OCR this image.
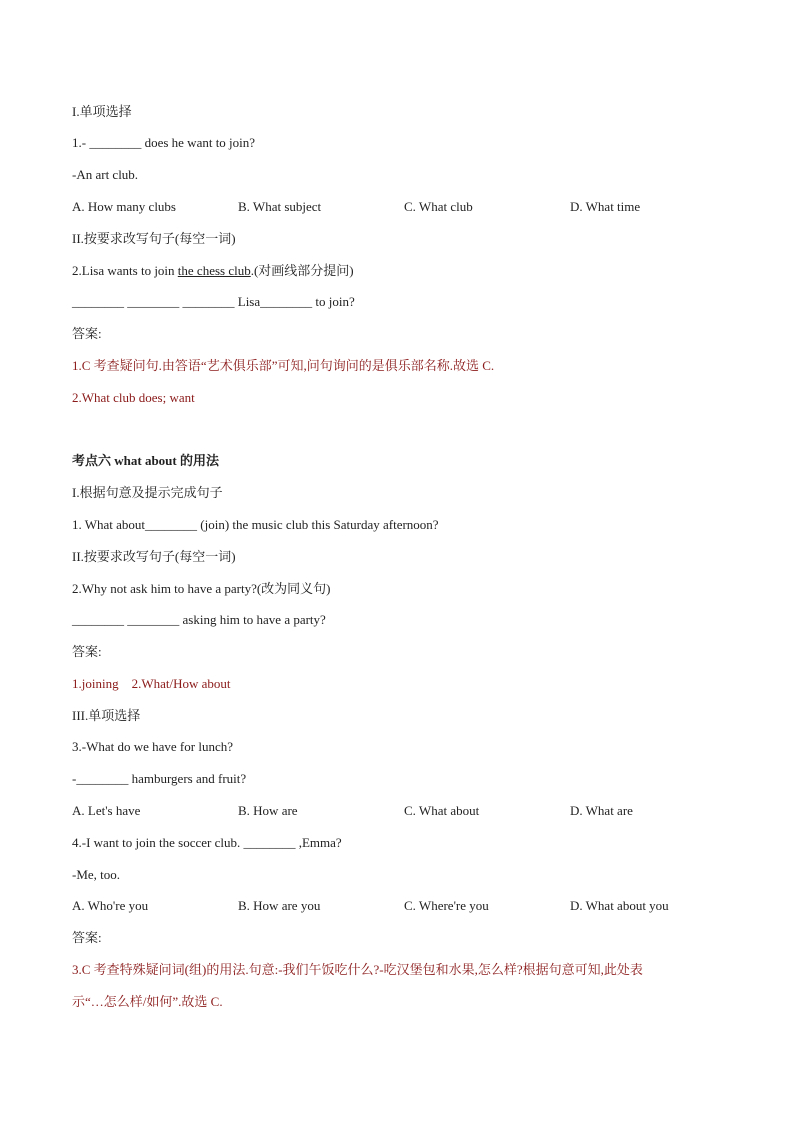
I.单项选择
1.- ________ does he want to join?
-An art club.
A. How many clubs	B. What subject	C. What club	D. What time
II.按要求改写句子(每空一词)
2.Lisa wants to join the chess club.(对画线部分提问)
________ ________ ________ Lisa________ to join?
答案:
1.C 考查疑问句.由答语“艺术俱乐部”可知,问句询问的是俱乐部名称.故选 C.
2.What club does; want
考点六 what about 的用法
I.根据句意及提示完成句子
1. What about________ (join) the music club this Saturday afternoon?
II.按要求改写句子(每空一词)
2.Why not ask him to have a party?(改为同义句)
________ ________ asking him to have a party?
答案:
1.joining    2.What/How about
III.单项选择
3.-What do we have for lunch?
-________ hamburgers and fruit?
A. Let's have	B. How are	C. What about	D. What are
4.-I want to join the soccer club. ________ ,Emma?
-Me, too.
A. Who're you	B. How are you	C. Where're you	D. What about you
答案:
3.C 考查特殊疑问词(组)的用法.句意:-我们午饭吃什么?-吃汉堡包和水果,怎么样?根据句意可知,此处表
示“…怎么样/如何”.故选 C.
